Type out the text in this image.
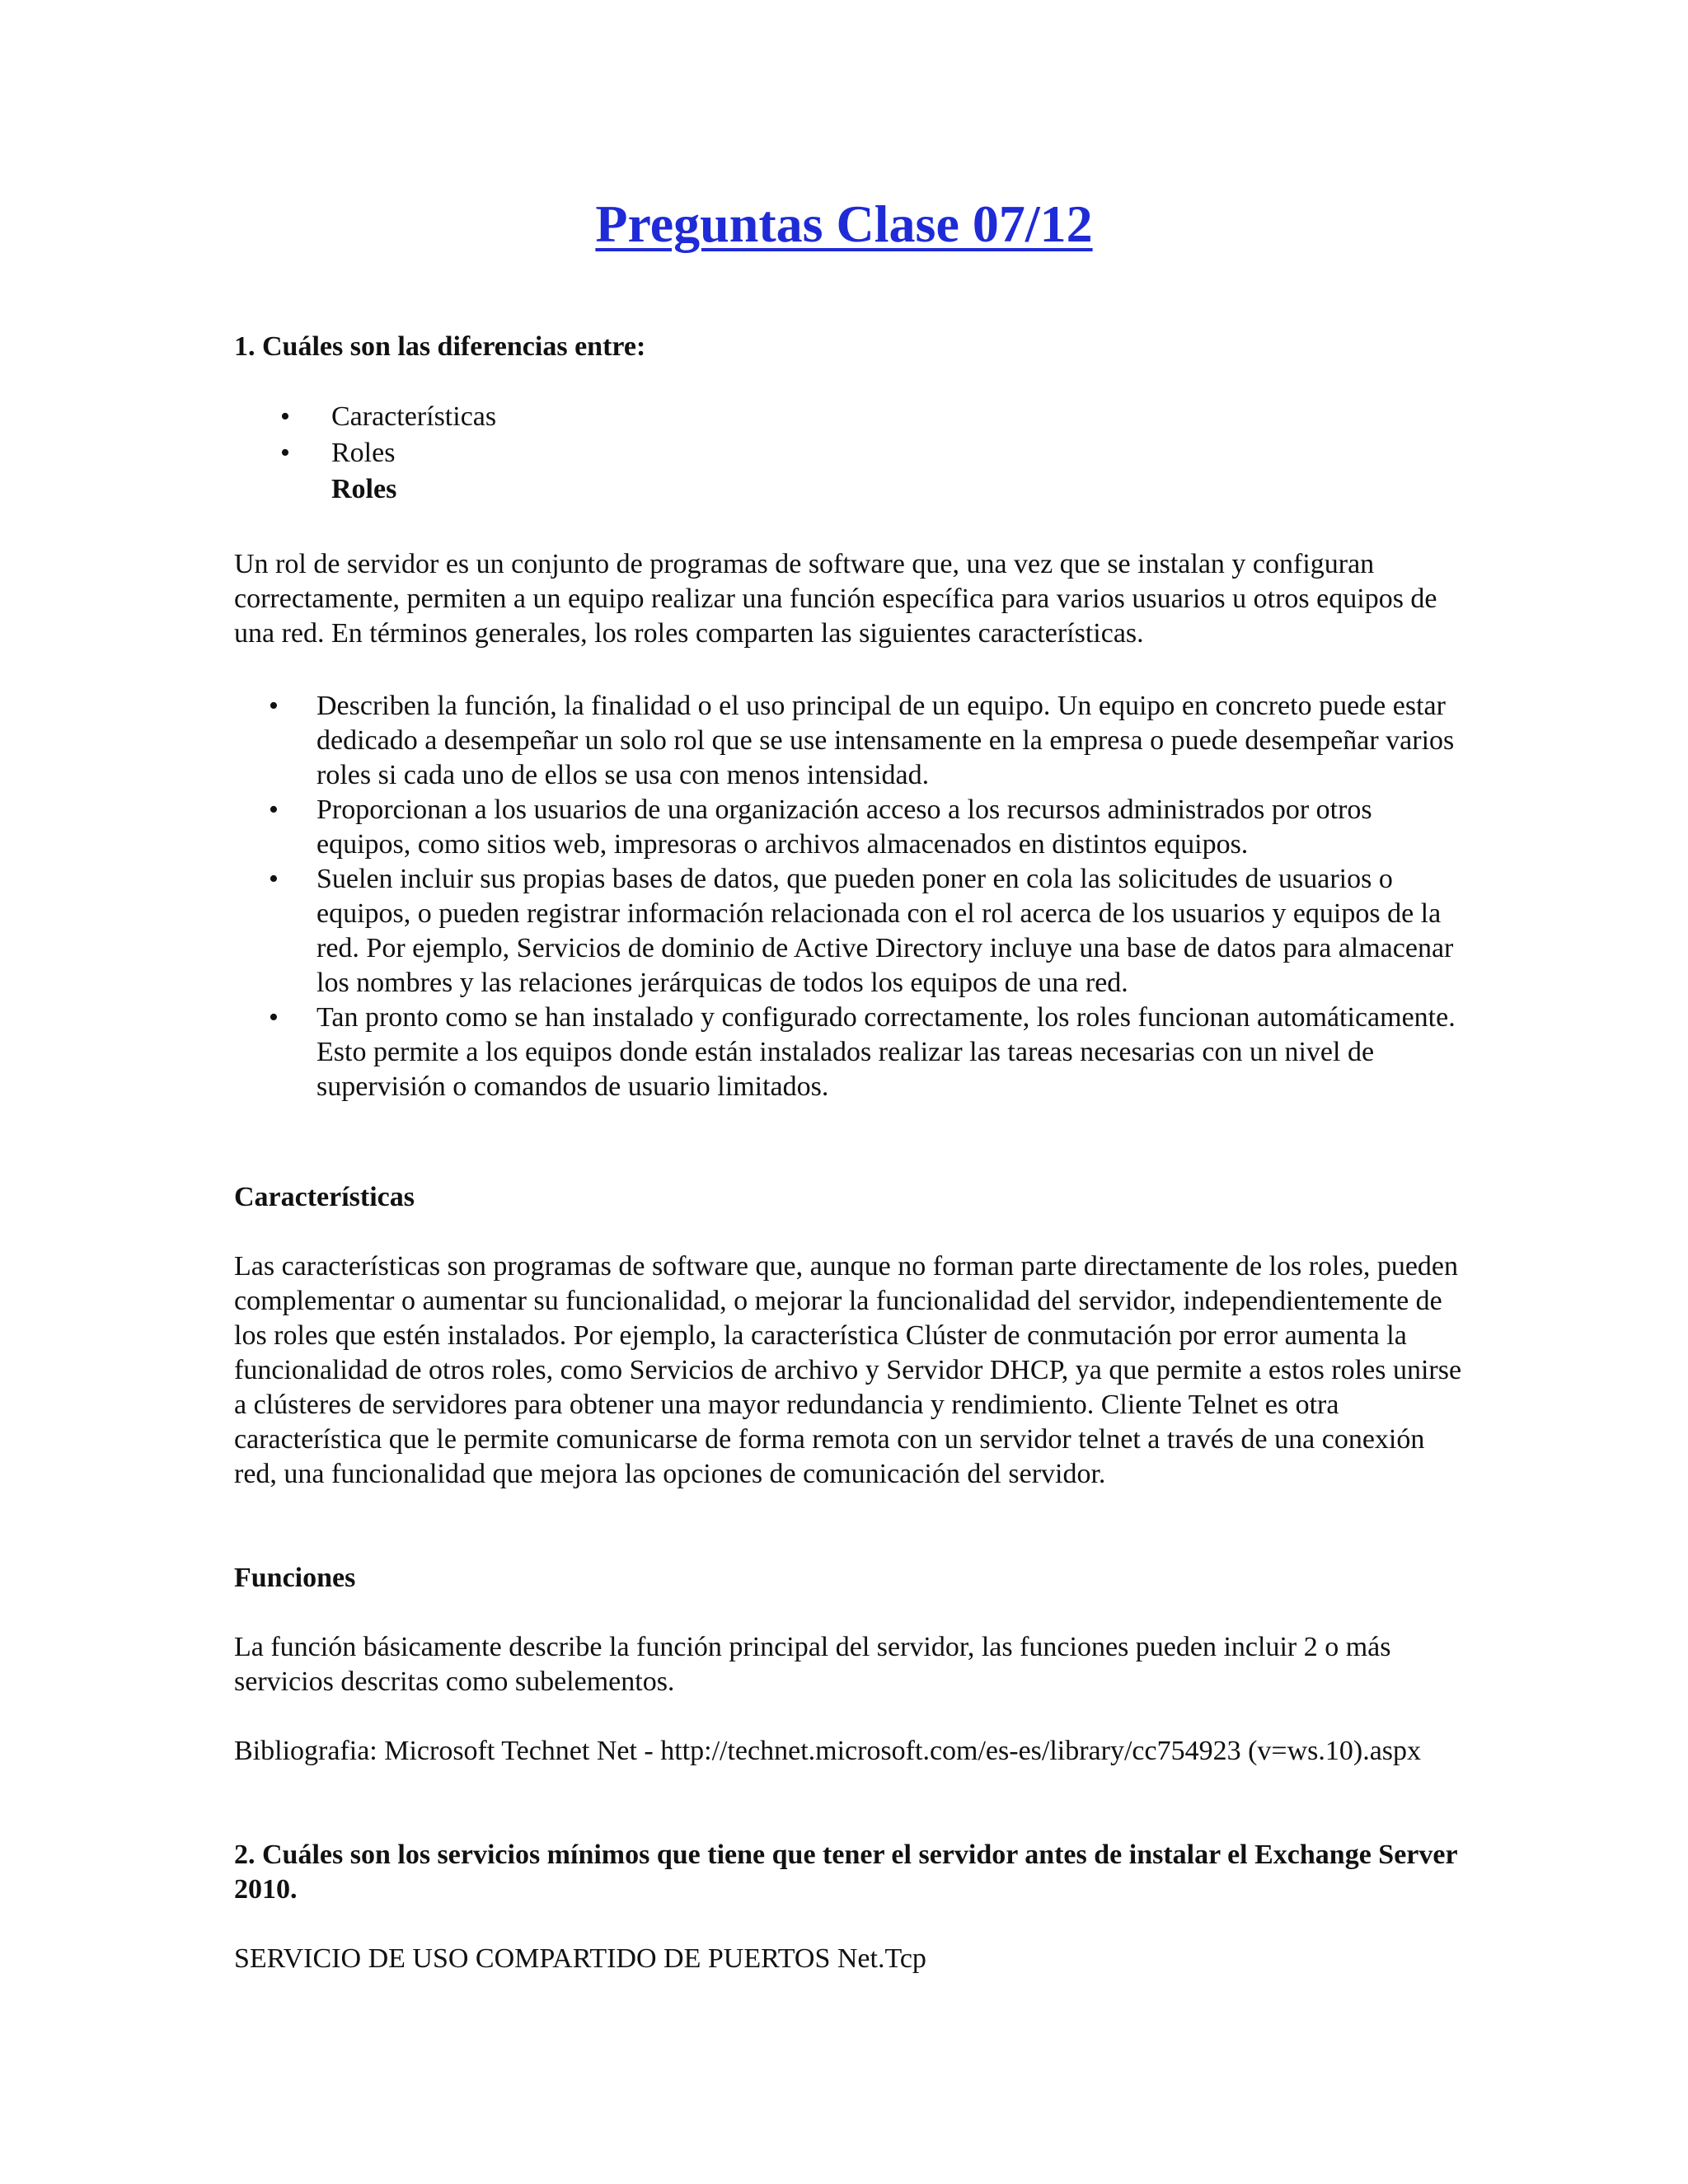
Preguntas Clase 07/12

1. Cuáles son las diferencias entre:

• Características
• Roles
Roles

Un rol de servidor es un conjunto de programas de software que, una vez que se instalan y configuran correctamente, permiten a un equipo realizar una función específica para varios usuarios u otros equipos de una red. En términos generales, los roles comparten las siguientes características.

• Describen la función, la finalidad o el uso principal de un equipo. Un equipo en concreto puede estar dedicado a desempeñar un solo rol que se use intensamente en la empresa o puede desempeñar varios roles si cada uno de ellos se usa con menos intensidad.
• Proporcionan a los usuarios de una organización acceso a los recursos administrados por otros equipos, como sitios web, impresoras o archivos almacenados en distintos equipos.
• Suelen incluir sus propias bases de datos, que pueden poner en cola las solicitudes de usuarios o equipos, o pueden registrar información relacionada con el rol acerca de los usuarios y equipos de la red. Por ejemplo, Servicios de dominio de Active Directory incluye una base de datos para almacenar los nombres y las relaciones jerárquicas de todos los equipos de una red.
• Tan pronto como se han instalado y configurado correctamente, los roles funcionan automáticamente. Esto permite a los equipos donde están instalados realizar las tareas necesarias con un nivel de supervisión o comandos de usuario limitados.

Características

Las características son programas de software que, aunque no forman parte directamente de los roles, pueden complementar o aumentar su funcionalidad, o mejorar la funcionalidad del servidor, independientemente de los roles que estén instalados. Por ejemplo, la característica Clúster de conmutación por error aumenta la funcionalidad de otros roles, como Servicios de archivo y Servidor DHCP, ya que permite a estos roles unirse a clústeres de servidores para obtener una mayor redundancia y rendimiento. Cliente Telnet es otra característica que le permite comunicarse de forma remota con un servidor telnet a través de una conexión red, una funcionalidad que mejora las opciones de comunicación del servidor.

Funciones

La función básicamente describe la función principal del servidor, las funciones pueden incluir 2 o más servicios descritas como subelementos.

Bibliografia: Microsoft Technet Net - http://technet.microsoft.com/es-es/library/cc754923 (v=ws.10).aspx

2. Cuáles son los servicios mínimos que tiene que tener el servidor antes de instalar el Exchange Server 2010.

SERVICIO DE USO COMPARTIDO DE PUERTOS Net.Tcp
